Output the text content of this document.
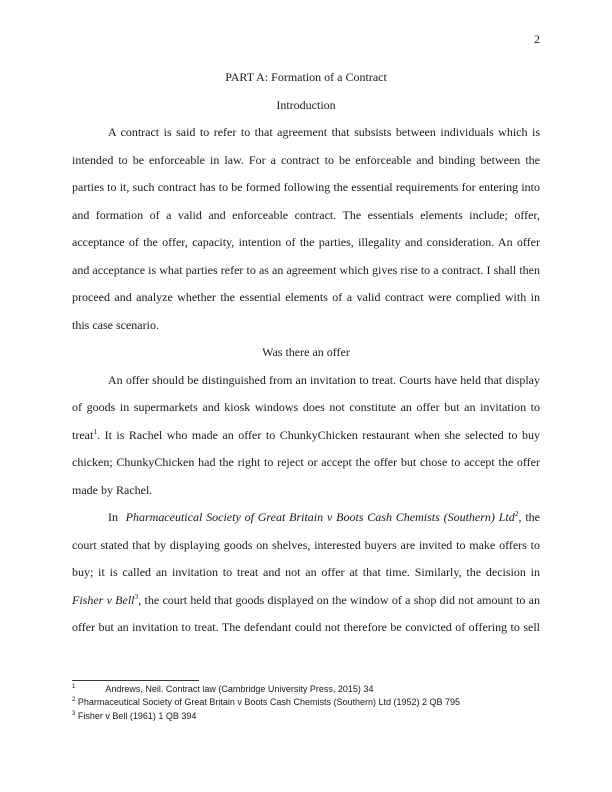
2
PART A: Formation of a Contract
Introduction
A contract is said to refer to that agreement that subsists between individuals which is
intended to be enforceable in law. For a contract to be enforceable and binding between the
parties to it, such contract has to be formed following the essential requirements for entering into
and formation of a valid and enforceable contract. The essentials elements include; offer,
acceptance of the offer, capacity, intention of the parties, illegality and consideration. An offer
and acceptance is what parties refer to as an agreement which gives rise to a contract. I shall then
proceed and analyze whether the essential elements of a valid contract were complied with in
this case scenario.
Was there an offer
An offer should be distinguished from an invitation to treat. Courts have held that display
of goods in supermarkets and kiosk windows does not constitute an offer but an invitation to
treat$^1$. It is Rachel who made an offer to ChunkyChicken restaurant when she selected to buy
chicken; ChunkyChicken had the right to reject or accept the offer but chose to accept the offer
made by Rachel.
In  Pharmaceutical Society of Great Britain v Boots Cash Chemists (Southern) Ltd$^2$, the
court stated that by displaying goods on shelves, interested buyers are invited to make offers to
buy; it is called an invitation to treat and not an offer at that time. Similarly, the decision in
Fisher v Bell$^3$, the court held that goods displayed on the window of a shop did not amount to an
offer but an invitation to treat. The defendant could not therefore be convicted of offering to sell
$^1$	Andrews, Neil. Contract law (Cambridge University Press, 2015) 34
$^2$ Pharmaceutical Society of Great Britain v Boots Cash Chemists (Southern) Ltd (1952) 2 QB 795
$^3$ Fisher v Bell (1961) 1 QB 394
